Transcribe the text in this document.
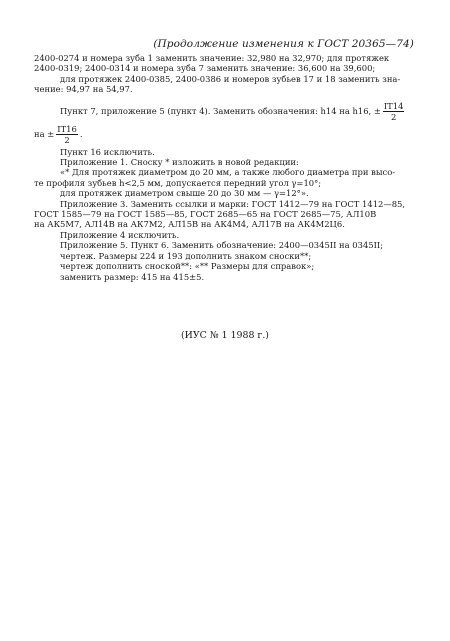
(Продолжение изменения к ГОСТ 20365—74)
2400-0274 и номера зуба 1 заменить значение: 32,980 на 32,970; для протяжек
2400-0319; 2400-0314 и номера зуба 7 заменить значение: 36,600 на 39,600;
для протяжек 2400-0385, 2400-0386 и номеров зубьев 17 и 18 заменить зна-
чение: 94,97 на 54,97.
Пункт 7, приложение 5 (пункт 4). Заменить обозначения: h14 на h16, ± $\frac{IT14}{2}$
на ± $\frac{IT16}{2}$ .
Пункт 16 исключить.
Приложение 1. Сноску * изложить в новой редакции:
«* Для протяжек диаметром до 20 мм, а также любого диаметра при высо-
те профиля зубьев h<2,5 мм, допускается передний угол γ=10°;
для протяжек диаметром свыше 20 до 30 мм — γ=12°».
Приложение 3. Заменить ссылки и марки: ГОСТ 1412—79 на ГОСТ 1412—85,
ГОСТ 1585—79 на ГОСТ 1585—85, ГОСТ 2685—65 на ГОСТ 2685—75, АЛ10В
на АК5М7, АЛ14В на АК7М2, АЛ15В на АК4М4, АЛ17В на АК4М2Ц6.
Приложение 4 исключить.
Приложение 5. Пункт 6. Заменить обозначение: 2400—0345II на 0345II;
чертеж. Размеры 224 и 193 дополнить знаком сноски**;
чертеж дополнить сноской**: «** Размеры для справок»;
заменить размер: 415 на 415±5.
(ИУС № 1 1988 г.)
